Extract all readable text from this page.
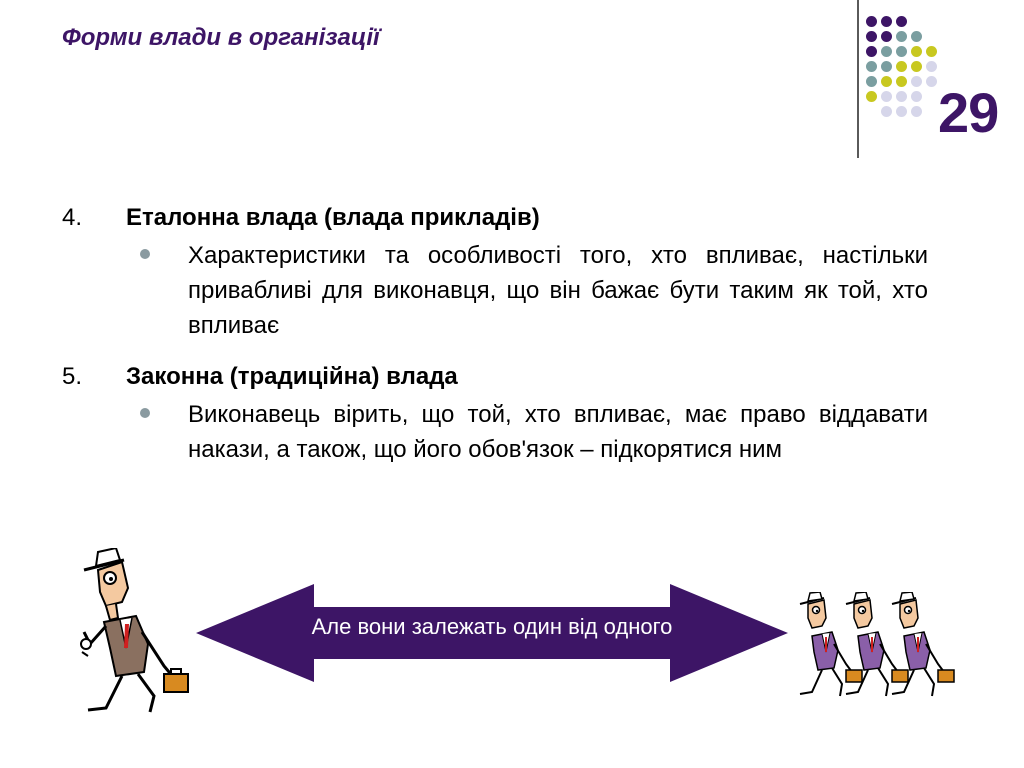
Форми влади в організації
29
4. Еталонна влада (влада прикладів)
Характеристики та особливості того, хто впливає, настільки привабливі для виконавця, що він бажає бути таким як той, хто впливає
5. Законна (традиційна) влада
Виконавець вірить, що той, хто впливає, має право віддавати накази, а також, що його обов'язок – підкорятися ним
Але вони залежать один від одного
